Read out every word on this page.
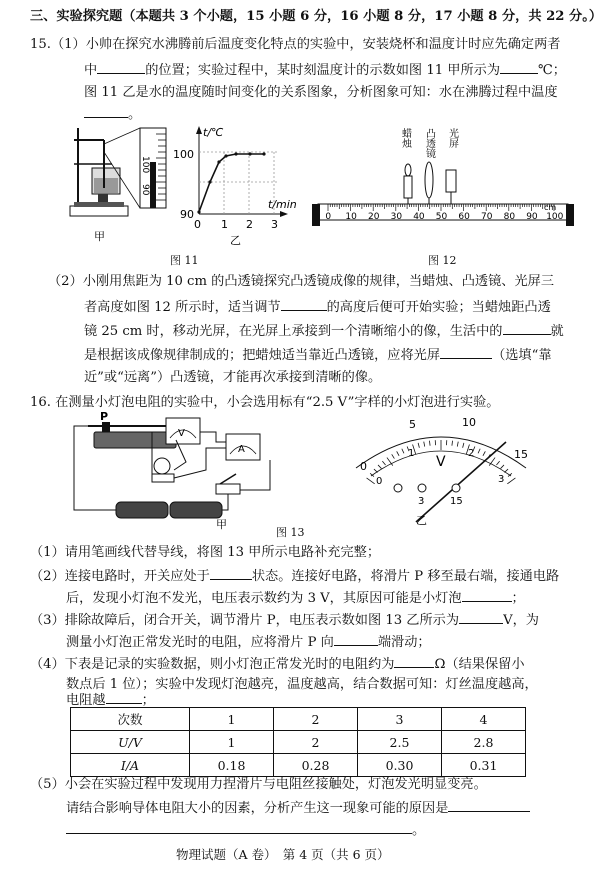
三、实验探究题（本题共 3 个小题，15 小题 6 分，16 小题 8 分，17 小题 8 分，共 22 分。）
15.（1）小帅在探究水沸腾前后温度变化特点的实验中，安装烧杯和温度计时应先确定两者
中	的位置；实验过程中，某时刻温度计的示数如图 11 甲所示为	℃；
图 11 乙是水的温度随时间变化的关系图象，分析图象可知：水在沸腾过程中温度
。
100
90
甲
t/℃
100
90
0 1 2 3
t/min
乙
图 11
蜡烛 凸透镜 光屏
0 10 20 30 40 50 60 70 80 90 100
cm
图 12
（2）小刚用焦距为 10 cm 的凸透镜探究凸透镜成像的规律，当蜡烛、凸透镜、光屏三
者高度如图 12 所示时，适当调节	的高度后便可开始实验；当蜡烛距凸透
镜 25 cm 时，移动光屏，在光屏上承接到一个清晰缩小的像，生活中的	就
是根据该成像规律制成的；把蜡烛适当靠近凸透镜，应将光屏	（选填“靠
近”或“远离”）凸透镜，才能再次承接到清晰的像。
16. 在测量小灯泡电阻的实验中，小会选用标有“2.5 V”字样的小灯泡进行实验。
P
V
A
甲
0
5	10
15
0
1	2
3
V
3	15
乙
图 13
（1）请用笔画线代替导线，将图 13 甲所示电路补充完整；
（2）连接电路时，开关应处于	状态。连接好电路，将滑片 P 移至最右端，接通电路
后，发现小灯泡不发光，电压表示数约为 3 V，其原因可能是小灯泡	；
（3）排除故障后，闭合开关，调节滑片 P，电压表示数如图 13 乙所示为	V，为
测量小灯泡正常发光时的电阻，应将滑片 P 向	端滑动；
（4）下表是记录的实验数据，则小灯泡正常发光时的电阻约为	Ω（结果保留小
数点后 1 位）；实验中发现灯泡越亮，温度越高，结合数据可知：灯丝温度越高，
电阻越	；
次数	1	2	3	4
U/V	1	2	2.5	2.8
I/A	0.18	0.28	0.30	0.31
（5）小会在实验过程中发现用力捏滑片与电阻丝接触处，灯泡发光明显变亮。
请结合影响导体电阻大小的因素，分析产生这一现象可能的原因是
。
物理试题（A 卷）　第 4 页（共 6 页）
